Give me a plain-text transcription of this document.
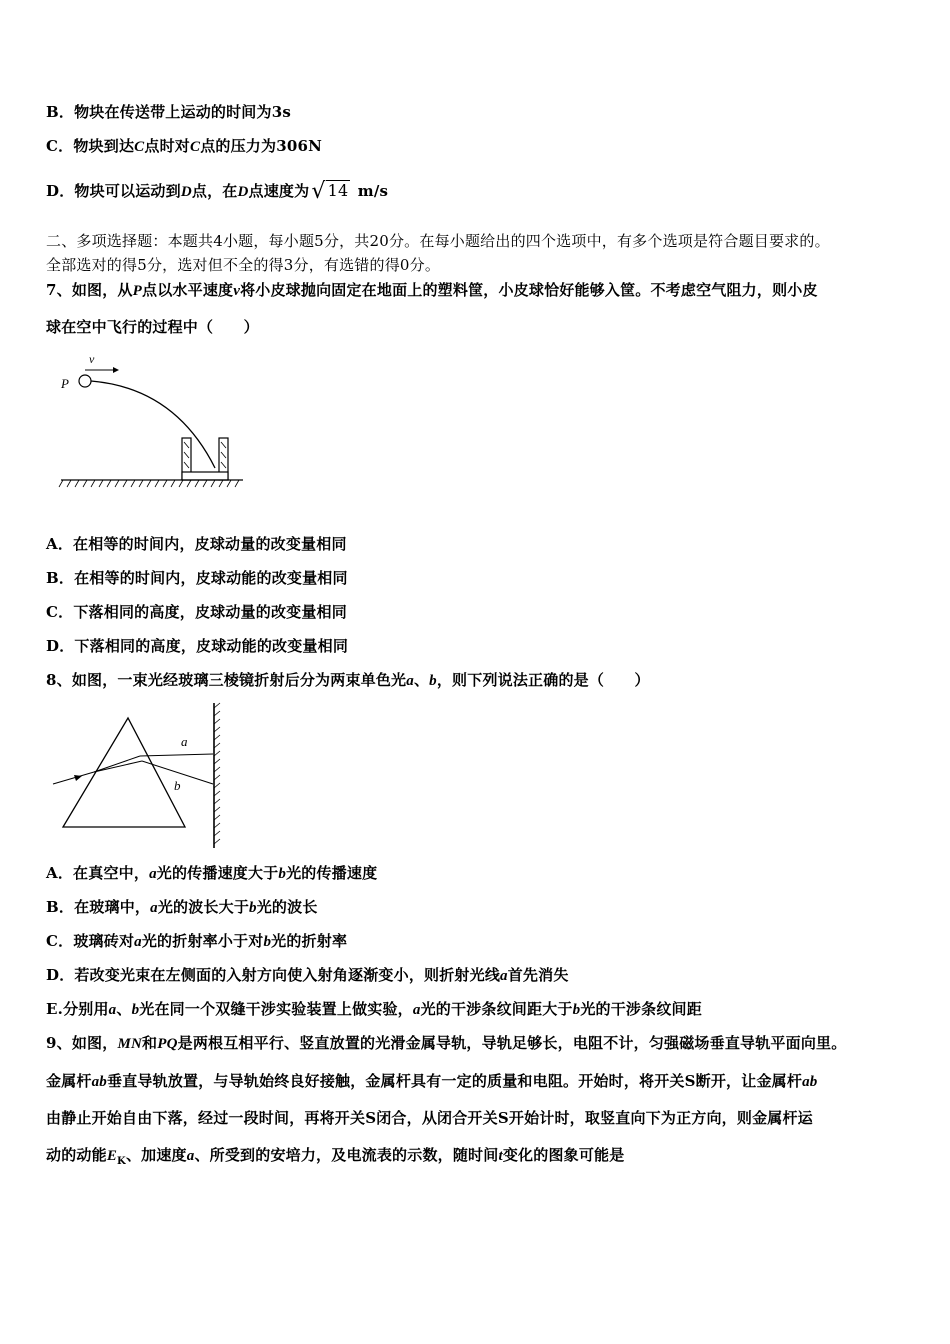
B．物块在传送带上运动的时间为3s
C．物块到达C点时对C点的压力为306N
D．物块可以运动到D点，在D点速度为√ 14 m/s
二、多项选择题：本题共4小题，每小题5分，共20分。在每小题给出的四个选项中，有多个选项是符合题目要求的。
全部选对的得5分，选对但不全的得3分，有选错的得0分。
7、如图，从P点以水平速度v将小皮球抛向固定在地面上的塑料筐，小皮球恰好能够入筐。不考虑空气阻力，则小皮
球在空中飞行的过程中（　　）
v
P
A．在相等的时间内，皮球动量的改变量相同
B．在相等的时间内，皮球动能的改变量相同
C．下落相同的高度，皮球动量的改变量相同
D．下落相同的高度，皮球动能的改变量相同
8、如图，一束光经玻璃三棱镜折射后分为两束单色光a、b，则下列说法正确的是（　　）
a
b
A．在真空中，a光的传播速度大于b光的传播速度
B．在玻璃中，a光的波长大于b光的波长
C．玻璃砖对a光的折射率小于对b光的折射率
D．若改变光束在左侧面的入射方向使入射角逐渐变小，则折射光线a首先消失
E.分别用a、b光在同一个双缝干涉实验装置上做实验，a光的干涉条纹间距大于b光的干涉条纹间距
9、如图，MN和PQ是两根互相平行、竖直放置的光滑金属导轨，导轨足够长，电阻不计，匀强磁场垂直导轨平面向里。
金属杆ab垂直导轨放置，与导轨始终良好接触，金属杆具有一定的质量和电阻。开始时，将开关S断开，让金属杆ab
由静止开始自由下落，经过一段时间，再将开关S闭合，从闭合开关S开始计时，取竖直向下为正方向，则金属杆运
动的动能$E_K$、加速度a、所受到的安培力，及电流表的示数，随时间t变化的图象可能是
